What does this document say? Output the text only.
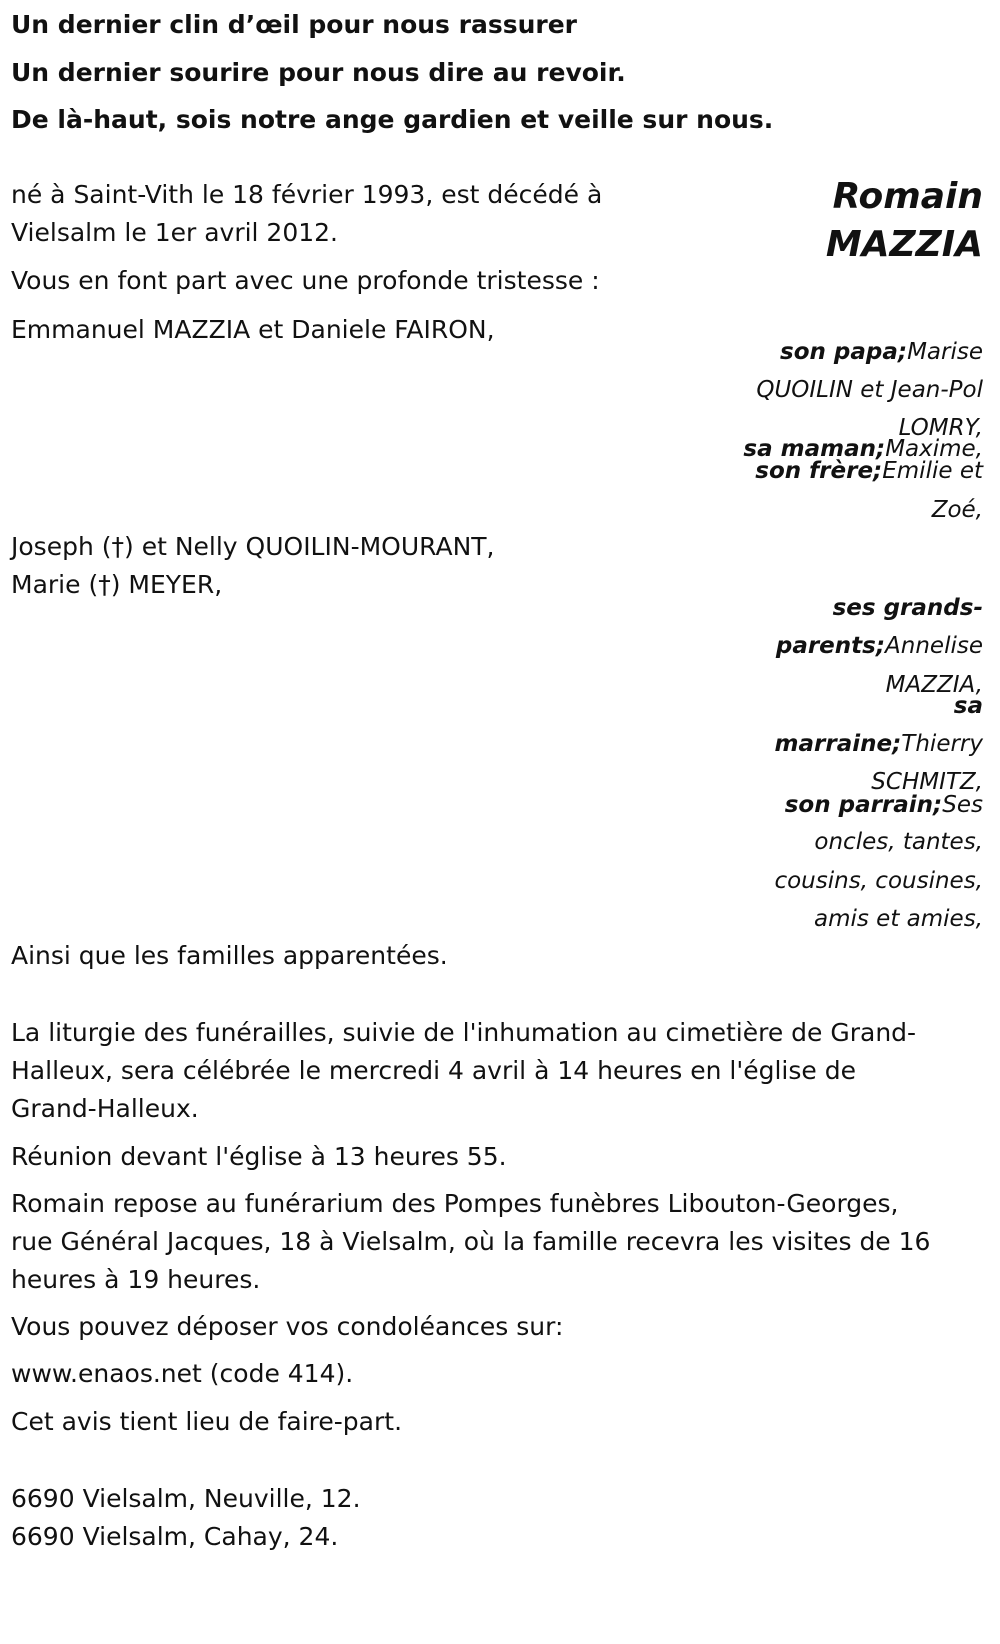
Un dernier clin d’œil pour nous rassurer
Un dernier sourire pour nous dire au revoir.
De là-haut, sois notre ange gardien et veille sur nous.
Romain
MAZZIA
né à Saint-Vith le 18 février 1993, est décédé à
Vielsalm le 1er avril 2012.
Vous en font part avec une profonde tristesse :
Emmanuel MAZZIA et Daniele FAIRON,
son papa;Marise
QUOILIN et Jean-Pol
LOMRY,
sa maman;Maxime,
son frère;Emilie et
Zoé,
Joseph (†) et Nelly QUOILIN-MOURANT,
Marie (†) MEYER,
ses grands-
parents;Annelise
MAZZIA,
sa
marraine;Thierry
SCHMITZ,
son parrain;Ses
oncles, tantes,
cousins, cousines,
amis et amies,
Ainsi que les familles apparentées.
La liturgie des funérailles, suivie de l'inhumation au cimetière de Grand-
Halleux, sera célébrée le mercredi 4 avril à 14 heures en l'église de
Grand-Halleux.
Réunion devant l'église à 13 heures 55.
Romain repose au funérarium des Pompes funèbres Libouton-Georges,
rue Général Jacques, 18 à Vielsalm, où la famille recevra les visites de 16
heures à 19 heures.
Vous pouvez déposer vos condoléances sur:
www.enaos.net (code 414).
Cet avis tient lieu de faire-part.
6690 Vielsalm, Neuville, 12.
6690 Vielsalm, Cahay, 24.
